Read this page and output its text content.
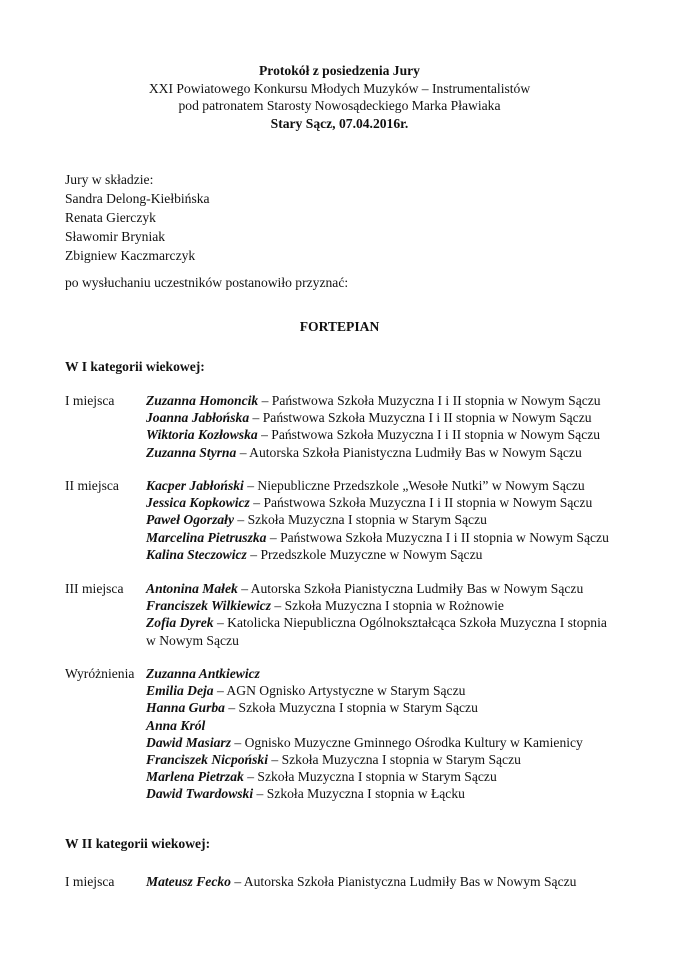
Protokół z posiedzenia Jury
XXI Powiatowego Konkursu Młodych Muzyków – Instrumentalistów
pod patronatem Starosty Nowosądeckiego Marka Pławiaka
Stary Sącz, 07.04.2016r.
Jury w składzie:
Sandra Delong-Kiełbińska
Renata Gierczyk
Sławomir Bryniak
Zbigniew Kaczmarczyk
po wysłuchaniu uczestników postanowiło przyznać:
FORTEPIAN
W I kategorii wiekowej:
I miejsca Zuzanna Homoncik – Państwowa Szkoła Muzyczna I i II stopnia w Nowym Sączu
Joanna Jabłońska – Państwowa Szkoła Muzyczna I i II stopnia w Nowym Sączu
Wiktoria Kozłowska – Państwowa Szkoła Muzyczna I i II stopnia w Nowym Sączu
Zuzanna Styrna – Autorska Szkoła Pianistyczna Ludmiły Bas w Nowym Sączu
II miejsca Kacper Jabłoński – Niepubliczne Przedszkole „Wesołe Nutki” w Nowym Sączu
Jessica Kopkowicz – Państwowa Szkoła Muzyczna I i II stopnia w Nowym Sączu
Paweł Ogorzały – Szkoła Muzyczna I stopnia w Starym Sączu
Marcelina Pietruszka – Państwowa Szkoła Muzyczna I i II stopnia w Nowym Sączu
Kalina Steczowicz – Przedszkole Muzyczne w Nowym Sączu
III miejsca Antonina Małek – Autorska Szkoła Pianistyczna Ludmiły Bas w Nowym Sączu
Franciszek Wilkiewicz – Szkoła Muzyczna I stopnia w Rożnowie
Zofia Dyrek – Katolicka Niepubliczna Ogólnokształcąca Szkoła Muzyczna I stopnia
w Nowym Sączu
Wyróżnienia Zuzanna Antkiewicz
Emilia Deja – AGN Ognisko Artystyczne w Starym Sączu
Hanna Gurba – Szkoła Muzyczna I stopnia w Starym Sączu
Anna Król
Dawid Masiarz – Ognisko Muzyczne Gminnego Ośrodka Kultury w Kamienicy
Franciszek Nicpoński – Szkoła Muzyczna I stopnia w Starym Sączu
Marlena Pietrzak – Szkoła Muzyczna I stopnia w Starym Sączu
Dawid Twardowski – Szkoła Muzyczna I stopnia w Łącku
W II kategorii wiekowej:
I miejsca Mateusz Fecko – Autorska Szkoła Pianistyczna Ludmiły Bas w Nowym Sączu
